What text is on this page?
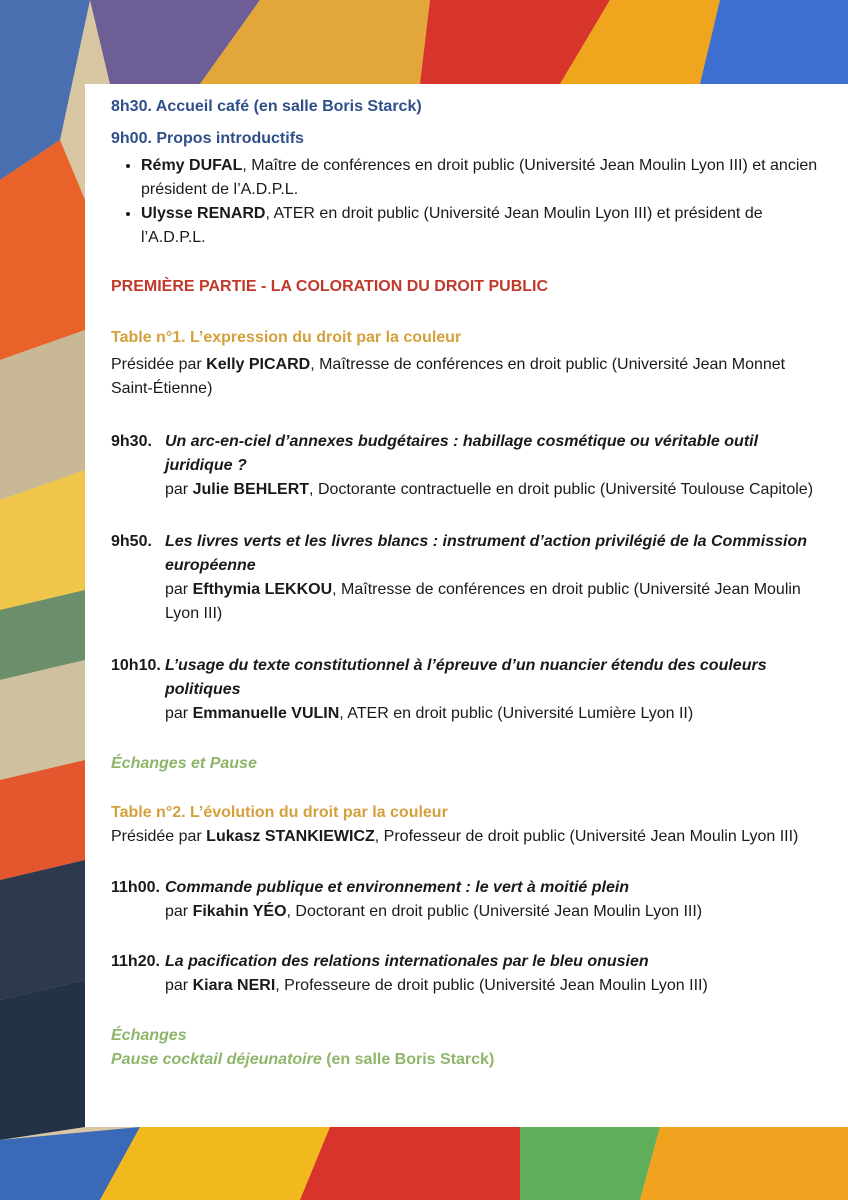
8h30. Accueil café (en salle Boris Starck)

9h00. Propos introductifs

• Rémy DUFAL, Maître de conférences en droit public (Université Jean Moulin Lyon III) et ancien président de l’A.D.P.L.
• Ulysse RENARD, ATER en droit public (Université Jean Moulin Lyon III) et président de l’A.D.P.L.

PREMIÈRE PARTIE - LA COLORATION DU DROIT PUBLIC

Table n°1. L’expression du droit par la couleur

Présidée par Kelly PICARD, Maîtresse de conférences en droit public (Université Jean Monnet Saint-Étienne)

9h30. Un arc-en-ciel d’annexes budgétaires : habillage cosmétique ou véritable outil juridique ?

par Julie BEHLERT, Doctorante contractuelle en droit public (Université Toulouse Capitole)

9h50. Les livres verts et les livres blancs : instrument d’action privilégié de la Commission européenne

par Efthymia LEKKOU, Maîtresse de conférences en droit public (Université Jean Moulin Lyon III)

10h10. L’usage du texte constitutionnel à l’épreuve d’un nuancier étendu des couleurs politiques

par Emmanuelle VULIN, ATER en droit public (Université Lumière Lyon II)

Échanges et Pause

Table n°2. L’évolution du droit par la couleur

Présidée par Lukasz STANKIEWICZ, Professeur de droit public (Université Jean Moulin Lyon III)

11h00. Commande publique et environnement : le vert à moitié plein

par Fikahin YÉO, Doctorant en droit public (Université Jean Moulin Lyon III)

11h20. La pacification des relations internationales par le bleu onusien

par Kiara NERI, Professeure de droit public (Université Jean Moulin Lyon III)

Échanges

Pause cocktail déjeunatoire (en salle Boris Starck)
